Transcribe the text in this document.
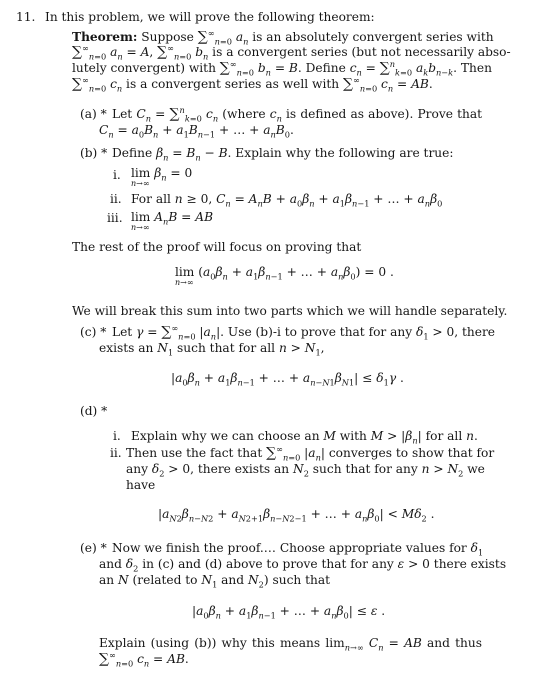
11. In this problem, we will prove the following theorem:
Theorem: Suppose $\sum^\infty_{n=0}$ $a_n$ is an absolutely convergent series with
$\sum^\infty_{n=0}$ $a_n = A$, $\sum^\infty_{n=0}$ $b_n$ is a convergent series (but not necessarily abso-
lutely convergent) with $\sum^\infty_{n=0}$ $b_n = B$. Define $c_n = \sum^n_{k=0}$ $a_kb_{n-k}$. Then
$\sum^\infty_{n=0}$ $c_n$ is a convergent series as well with $\sum^\infty_{n=0}$ $c_n$ = AB.
(a) * Let $C_n = \sum^n_{k=0}$ $c_n$ (where $c_n$ is defined as above). Prove that
$C_n = a_0B_n + a_1B_{n-1}$ + … + $a_nB_0$.
(b) * Define $\beta_n = B_n - B$. Explain why the following are true:
i. lim
n→∞
$\beta_n = 0$
ii. For all n ≥ 0, $C_n = A_nB + a_0\beta_n + a_1\beta_{n-1}$ + … + $a_n\beta_0$
iii. lim
n→∞
$A_nB$ = AB
The rest of the proof will focus on proving that
lim
n→∞
($a_0\beta_n + a_1\beta_{n-1}$ + … + $a_n\beta_0) = 0$ .
We will break this sum into two parts which we will handle separately.
(c) * Let $\gamma = \sum^\infty_{n=0}$ $|a_n|$. Use (b)-i to prove that for any $\delta_1 > 0$, there
exists an $N_1$ such that for all $n > N_1$,
$|a_0\beta_n + a_1\beta_{n-1}$ + … + $a_{n-N1}\beta_{N1}| \le \delta_1\gamma$ .
(d) *
i. Explain why we can choose an M with $M > |\beta_n|$ for all n.
ii. Then use the fact that $\sum^\infty_{n=0}$ $|a_n|$ converges to show that for
any $\delta_2 > 0$, there exists an $N_2$ such that for any $n > N_2$ we
have
$|a_{N2}\beta_{n-N2} + a_{N2+1}\beta_{n-N2-1}$ + … + $a_n\beta_0| < M\delta_2$ .
(e) * Now we finish the proof.… Choose appropriate values for $\delta_1$
and $\delta_2$ in (c) and (d) above to prove that for any ε > 0 there exists
an N (related to $N_1$ and $N_2$) such that
$|a_0\beta_n + a_1\beta_{n-1}$ + … + $a_n\beta_0| \le \varepsilon$ .
Explain (using (b)) why this means $\lim_{n\to\infty} C_n$ = AB and thus
$\sum^\infty_{n=0}$ $c_n$ = AB.
